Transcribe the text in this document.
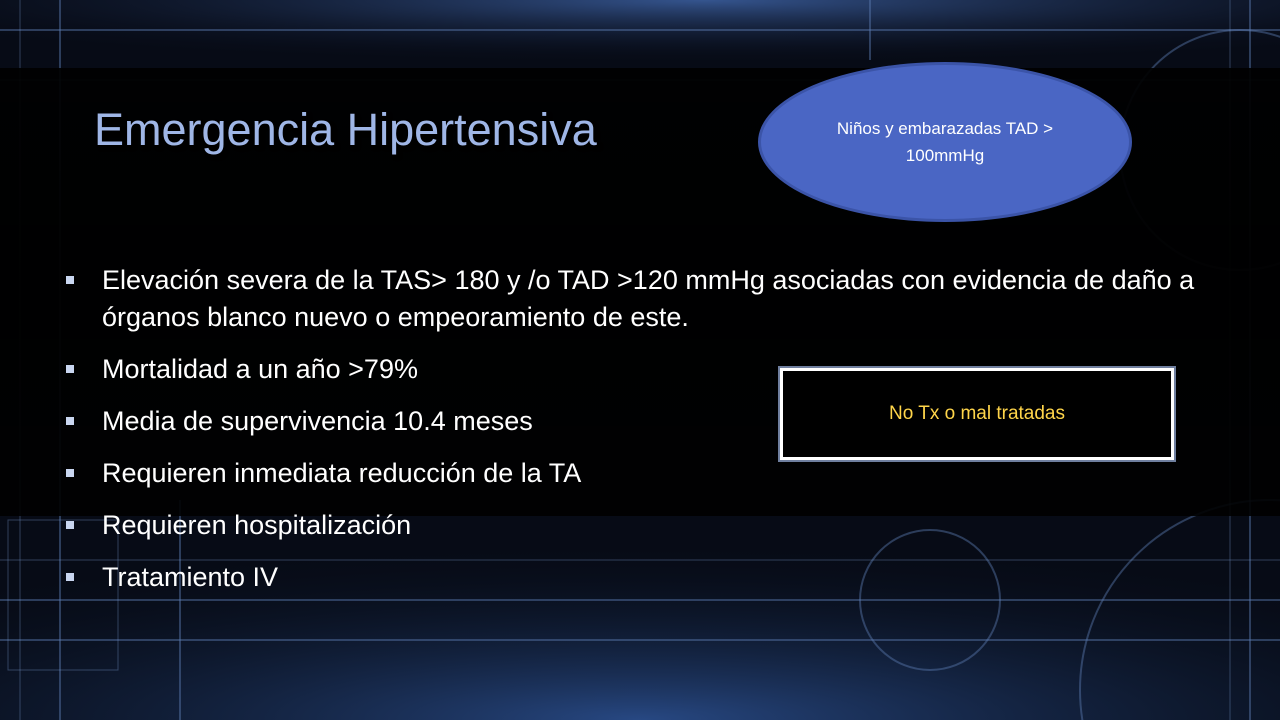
Emergencia Hipertensiva
Elevación severa de la TAS> 180 y /o TAD >120 mmHg asociadas con evidencia de daño a
órganos blanco nuevo o empeoramiento de este.
Mortalidad a un año >79%
Media de supervivencia 10.4 meses
Requieren inmediata reducción de la TA
Requieren hospitalización
Tratamiento IV
Niños y embarazadas TAD > 100mmHg
No Tx o mal tratadas
